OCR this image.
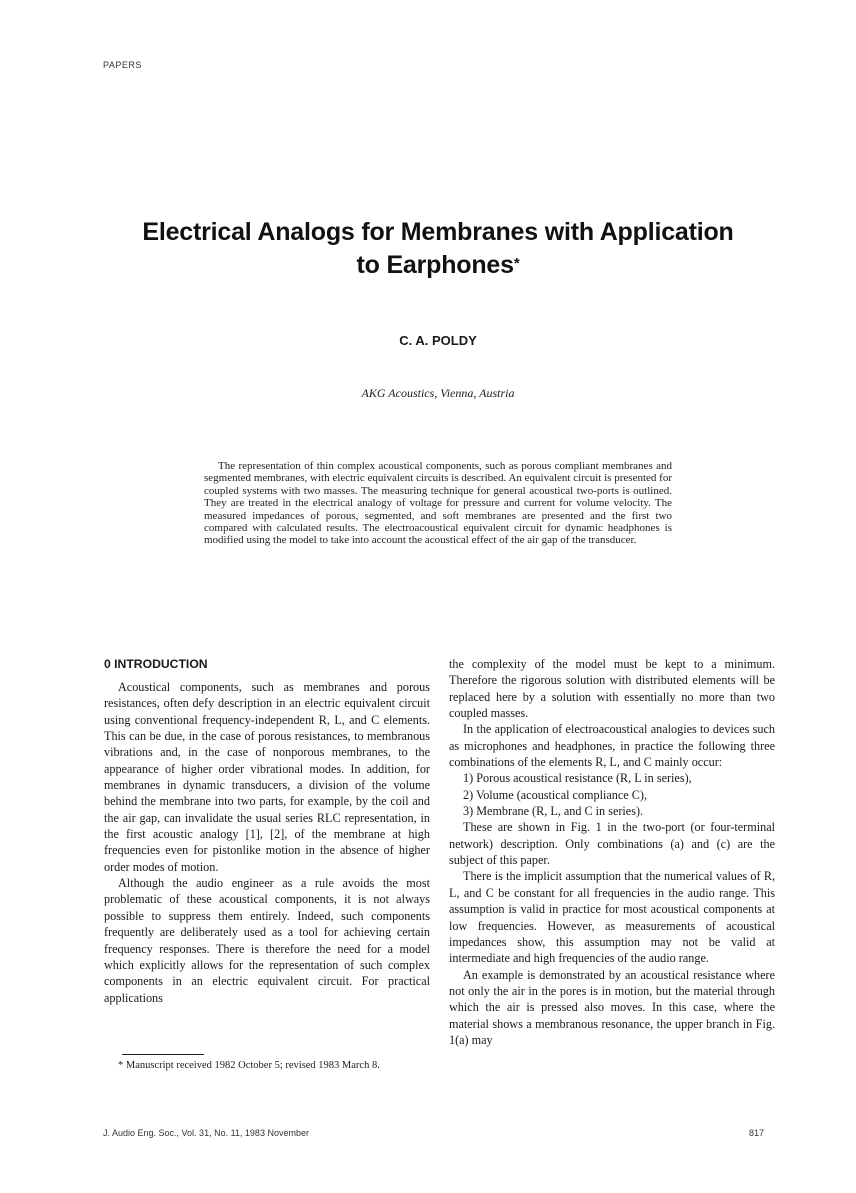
PAPERS
Electrical Analogs for Membranes with Application
to Earphones*
C. A. POLDY
AKG Acoustics, Vienna, Austria

The representation of thin complex acoustical components, such as porous compliant membranes and segmented membranes, with electric equivalent circuits is described. An equivalent circuit is presented for coupled systems with two masses. The measuring technique for general acoustical two-ports is outlined. They are treated in the electrical analogy of voltage for pressure and current for volume velocity. The measured impedances of porous, segmented, and soft membranes are presented and the first two compared with calculated results. The electroacoustical equivalent circuit for dynamic headphones is modified using the model to take into account the acoustical effect of the air gap of the transducer.

0 INTRODUCTION

Acoustical components, such as membranes and porous resistances, often defy description in an electric equivalent circuit using conventional frequency-independent R, L, and C elements. This can be due, in the case of porous resistances, to membranous vibrations and, in the case of nonporous membranes, to the appearance of higher order vibrational modes. In addition, for membranes in dynamic transducers, a division of the volume behind the membrane into two parts, for example, by the coil and the air gap, can invalidate the usual series RLC representation, in the first acoustic analogy [1], [2], of the membrane at high frequencies even for pistonlike motion in the absence of higher order modes of motion.

Although the audio engineer as a rule avoids the most problematic of these acoustical components, it is not always possible to suppress them entirely. Indeed, such components frequently are deliberately used as a tool for achieving certain frequency responses. There is therefore the need for a model which explicitly allows for the representation of such complex components in an electric equivalent circuit. For practical applications

* Manuscript received 1982 October 5; revised 1983 March 8.

the complexity of the model must be kept to a minimum. Therefore the rigorous solution with distributed elements will be replaced here by a solution with essentially no more than two coupled masses.

In the application of electroacoustical analogies to devices such as microphones and headphones, in practice the following three combinations of the elements R, L, and C mainly occur:

1) Porous acoustical resistance (R, L in series),

2) Volume (acoustical compliance C),

3) Membrane (R, L, and C in series).

These are shown in Fig. 1 in the two-port (or four-terminal network) description. Only combinations (a) and (c) are the subject of this paper.

There is the implicit assumption that the numerical values of R, L, and C be constant for all frequencies in the audio range. This assumption is valid in practice for most acoustical components at low frequencies. However, as measurements of acoustical impedances show, this assumption may not be valid at intermediate and high frequencies of the audio range.

An example is demonstrated by an acoustical resistance where not only the air in the pores is in motion, but the material through which the air is pressed also moves. In this case, where the material shows a membranous resonance, the upper branch in Fig. 1(a) may

J. Audio Eng. Soc., Vol. 31, No. 11, 1983 November	817
